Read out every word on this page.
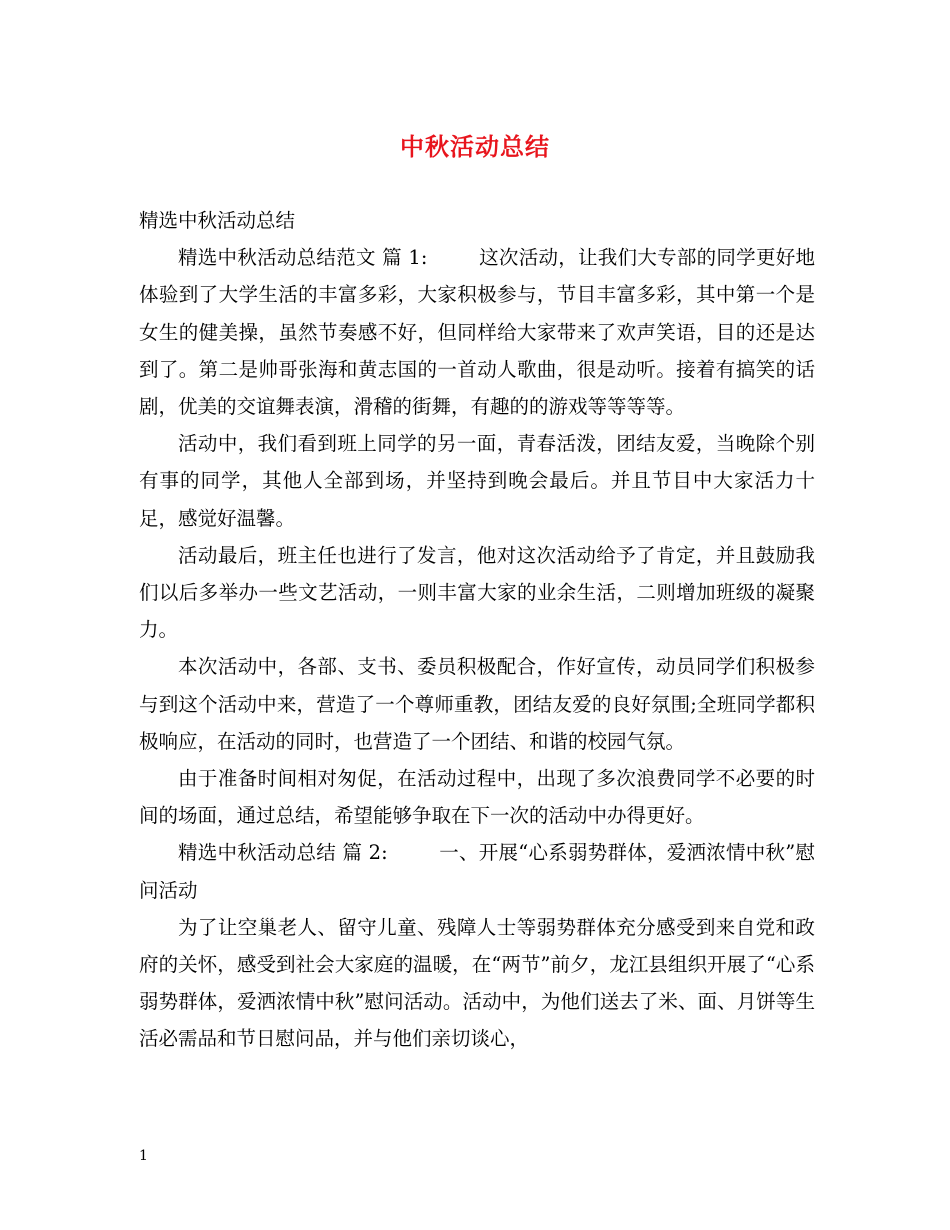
中秋活动总结

精选中秋活动总结

精选中秋活动总结范文 篇 1:        这次活动，让我们大专部的同学更好地体验到了大学生活的丰富多彩，大家积极参与，节目丰富多彩，其中第一个是女生的健美操，虽然节奏感不好，但同样给大家带来了欢声笑语，目的还是达到了。第二是帅哥张海和黄志国的一首动人歌曲，很是动听。接着有搞笑的话剧，优美的交谊舞表演，滑稽的街舞，有趣的的游戏等等等等。

活动中，我们看到班上同学的另一面，青春活泼，团结友爱，当晚除个别有事的同学，其他人全部到场，并坚持到晚会最后。并且节目中大家活力十足，感觉好温馨。

活动最后，班主任也进行了发言，他对这次活动给予了肯定，并且鼓励我们以后多举办一些文艺活动，一则丰富大家的业余生活，二则增加班级的凝聚力。

本次活动中，各部、支书、委员积极配合，作好宣传，动员同学们积极参与到这个活动中来，营造了一个尊师重教，团结友爱的良好氛围;全班同学都积极响应，在活动的同时，也营造了一个团结、和谐的校园气氛。

由于准备时间相对匆促，在活动过程中，出现了多次浪费同学不必要的时间的场面，通过总结，希望能够争取在下一次的活动中办得更好。

精选中秋活动总结 篇 2:        一、开展“心系弱势群体，爱洒浓情中秋”慰问活动

为了让空巢老人、留守儿童、残障人士等弱势群体充分感受到来自党和政府的关怀，感受到社会大家庭的温暖，在“两节”前夕，龙江县组织开展了“心系弱势群体，爱洒浓情中秋”慰问活动。活动中，为他们送去了米、面、月饼等生活必需品和节日慰问品，并与他们亲切谈心，

1
